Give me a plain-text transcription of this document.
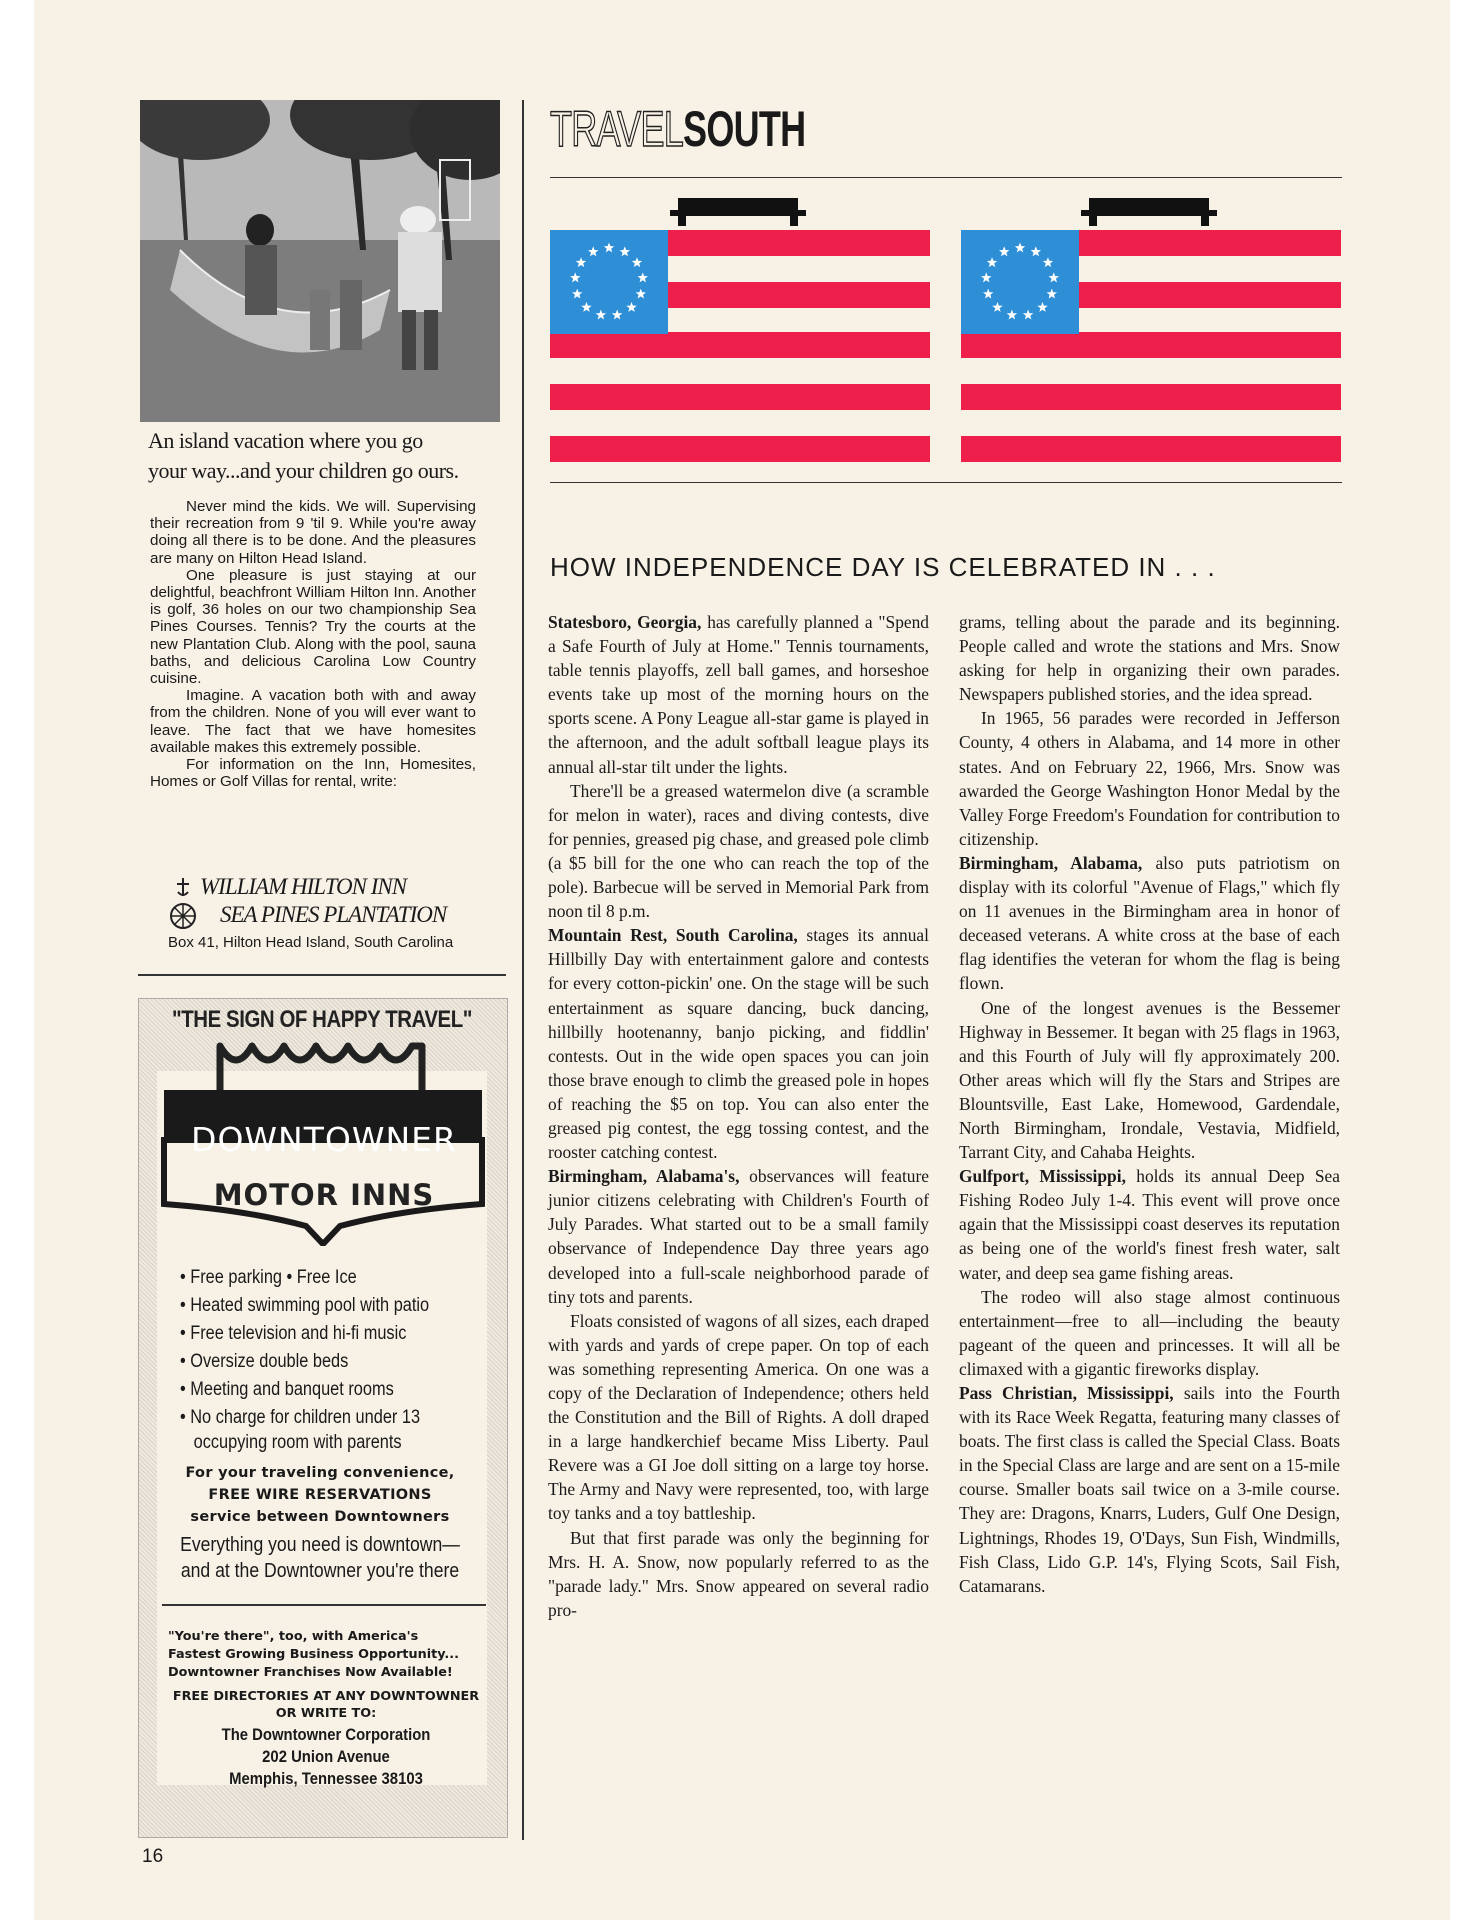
An island vacation where you go
your way...and your children go ours.

Never mind the kids. We will. Supervising their recreation from 9 'til 9. While you're away doing all there is to be done. And the pleasures are many on Hilton Head Island.

One pleasure is just staying at our delightful, beachfront William Hilton Inn. Another is golf, 36 holes on our two championship Sea Pines Courses. Tennis? Try the courts at the new Plantation Club. Along with the pool, sauna baths, and delicious Carolina Low Country cuisine.

Imagine. A vacation both with and away from the children. None of you will ever want to leave. The fact that we have homesites available makes this extremely possible.

For information on the Inn, Homesites, Homes or Golf Villas for rental, write:

WILLIAM HILTON INN
SEA PINES PLANTATION
Box 41, Hilton Head Island, South Carolina
"THE SIGN OF HAPPY TRAVEL"
DOWNTOWNER
MOTOR INNS
• Free parking • Free Ice
• Heated swimming pool with patio
• Free television and hi-fi music
• Oversize double beds
• Meeting and banquet rooms
• No charge for children under 13
occupying room with parents
For your traveling convenience,
FREE WIRE RESERVATIONS
service between Downtowners
Everything you need is downtown—
and at the Downtowner you're there
"You're there", too, with America's
Fastest Growing Business Opportunity...
Downtowner Franchises Now Available!
FREE DIRECTORIES AT ANY DOWNTOWNER
OR WRITE TO:
The Downtowner Corporation
202 Union Avenue
Memphis, Tennessee 38103
16
TRAVELSOUTH
HOW INDEPENDENCE DAY IS CELEBRATED IN . . .

Statesboro, Georgia, has carefully planned a "Spend a Safe Fourth of July at Home." Tennis tournaments, table tennis playoffs, zell ball games, and horseshoe events take up most of the morning hours on the sports scene. A Pony League all-star game is played in the afternoon, and the adult softball league plays its annual all-star tilt under the lights.

There'll be a greased watermelon dive (a scramble for melon in water), races and diving contests, dive for pennies, greased pig chase, and greased pole climb (a $5 bill for the one who can reach the top of the pole). Barbecue will be served in Memorial Park from noon til 8 p.m.

Mountain Rest, South Carolina, stages its annual Hillbilly Day with entertainment galore and contests for every cotton-pickin' one. On the stage will be such entertainment as square dancing, buck dancing, hillbilly hootenanny, banjo picking, and fiddlin' contests. Out in the wide open spaces you can join those brave enough to climb the greased pole in hopes of reaching the $5 on top. You can also enter the greased pig contest, the egg tossing contest, and the rooster catching contest.

Birmingham, Alabama's, observances will feature junior citizens celebrating with Children's Fourth of July Parades. What started out to be a small family observance of Independence Day three years ago developed into a full-scale neighborhood parade of tiny tots and parents.

Floats consisted of wagons of all sizes, each draped with yards and yards of crepe paper. On top of each was something representing America. On one was a copy of the Declaration of Independence; others held the Constitution and the Bill of Rights. A doll draped in a large handkerchief became Miss Liberty. Paul Revere was a GI Joe doll sitting on a large toy horse. The Army and Navy were represented, too, with large toy tanks and a toy battleship.

But that first parade was only the beginning for Mrs. H. A. Snow, now popularly referred to as the "parade lady." Mrs. Snow appeared on several radio pro-

grams, telling about the parade and its beginning. People called and wrote the stations and Mrs. Snow asking for help in organizing their own parades. Newspapers published stories, and the idea spread.

In 1965, 56 parades were recorded in Jefferson County, 4 others in Alabama, and 14 more in other states. And on February 22, 1966, Mrs. Snow was awarded the George Washington Honor Medal by the Valley Forge Freedom's Foundation for contribution to citizenship.

Birmingham, Alabama, also puts patriotism on display with its colorful "Avenue of Flags," which fly on 11 avenues in the Birmingham area in honor of deceased veterans. A white cross at the base of each flag identifies the veteran for whom the flag is being flown.

One of the longest avenues is the Bessemer Highway in Bessemer. It began with 25 flags in 1963, and this Fourth of July will fly approximately 200. Other areas which will fly the Stars and Stripes are Blountsville, East Lake, Homewood, Gardendale, North Birmingham, Irondale, Vestavia, Midfield, Tarrant City, and Cahaba Heights.

Gulfport, Mississippi, holds its annual Deep Sea Fishing Rodeo July 1-4. This event will prove once again that the Mississippi coast deserves its reputation as being one of the world's finest fresh water, salt water, and deep sea game fishing areas.

The rodeo will also stage almost continuous entertainment—free to all—including the beauty pageant of the queen and princesses. It will all be climaxed with a gigantic fireworks display.

Pass Christian, Mississippi, sails into the Fourth with its Race Week Regatta, featuring many classes of boats. The first class is called the Special Class. Boats in the Special Class are large and are sent on a 15-mile course. Smaller boats sail twice on a 3-mile course. They are: Dragons, Knarrs, Luders, Gulf One Design, Lightnings, Rhodes 19, O'Days, Sun Fish, Windmills, Fish Class, Lido G.P. 14's, Flying Scots, Sail Fish, Catamarans.
